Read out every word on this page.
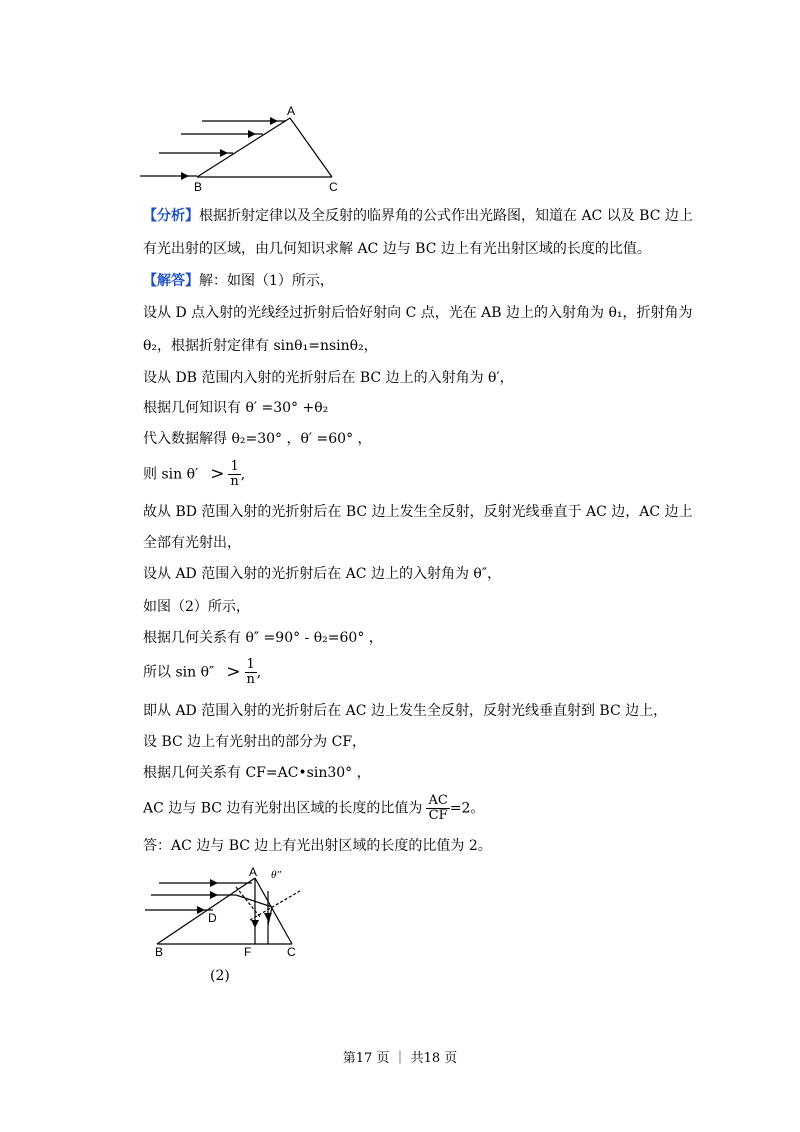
A
B	C
【分析】根据折射定律以及全反射的临界角的公式作出光路图，知道在 AC 以及 BC 边上
有光出射的区域，由几何知识求解 AC 边与 BC 边上有光出射区域的长度的比值。
【解答】解：如图（1）所示，
设从 D 点入射的光线经过折射后恰好射向 C 点，光在 AB 边上的入射角为 θ₁，折射角为
θ₂，根据折射定律有 sinθ₁=nsinθ₂，
设从 DB 范围内入射的光折射后在 BC 边上的入射角为 θ′，
根据几何知识有 θ′ =30° +θ₂
代入数据解得 θ₂=30° ，θ′ =60° ，
则 $\sin \theta' > \frac{1}{n}$ ,
故从 BD 范围入射的光折射后在 BC 边上发生全反射，反射光线垂直于 AC 边，AC 边上
全部有光射出，
设从 AD 范围入射的光折射后在 AC 边上的入射角为 θ″，
如图（2）所示，
根据几何关系有 θ″ =90° - θ₂=60° ，
所以 $\sin \theta'' > \frac{1}{n}$ ,
即从 AD 范围入射的光折射后在 AC 边上发生全反射，反射光线垂直射到 BC 边上，
设 BC 边上有光射出的部分为 CF，
根据几何关系有 CF=AC•sin30° ，
AC 边与 BC 边有光射出区域的长度的比值为 $\frac{AC}{CF} =2$。
答：AC 边与 BC 边上有光出射区域的长度的比值为 2。
A θ″
D
B	F	C
(2)
第17 页 ｜ 共18 页
